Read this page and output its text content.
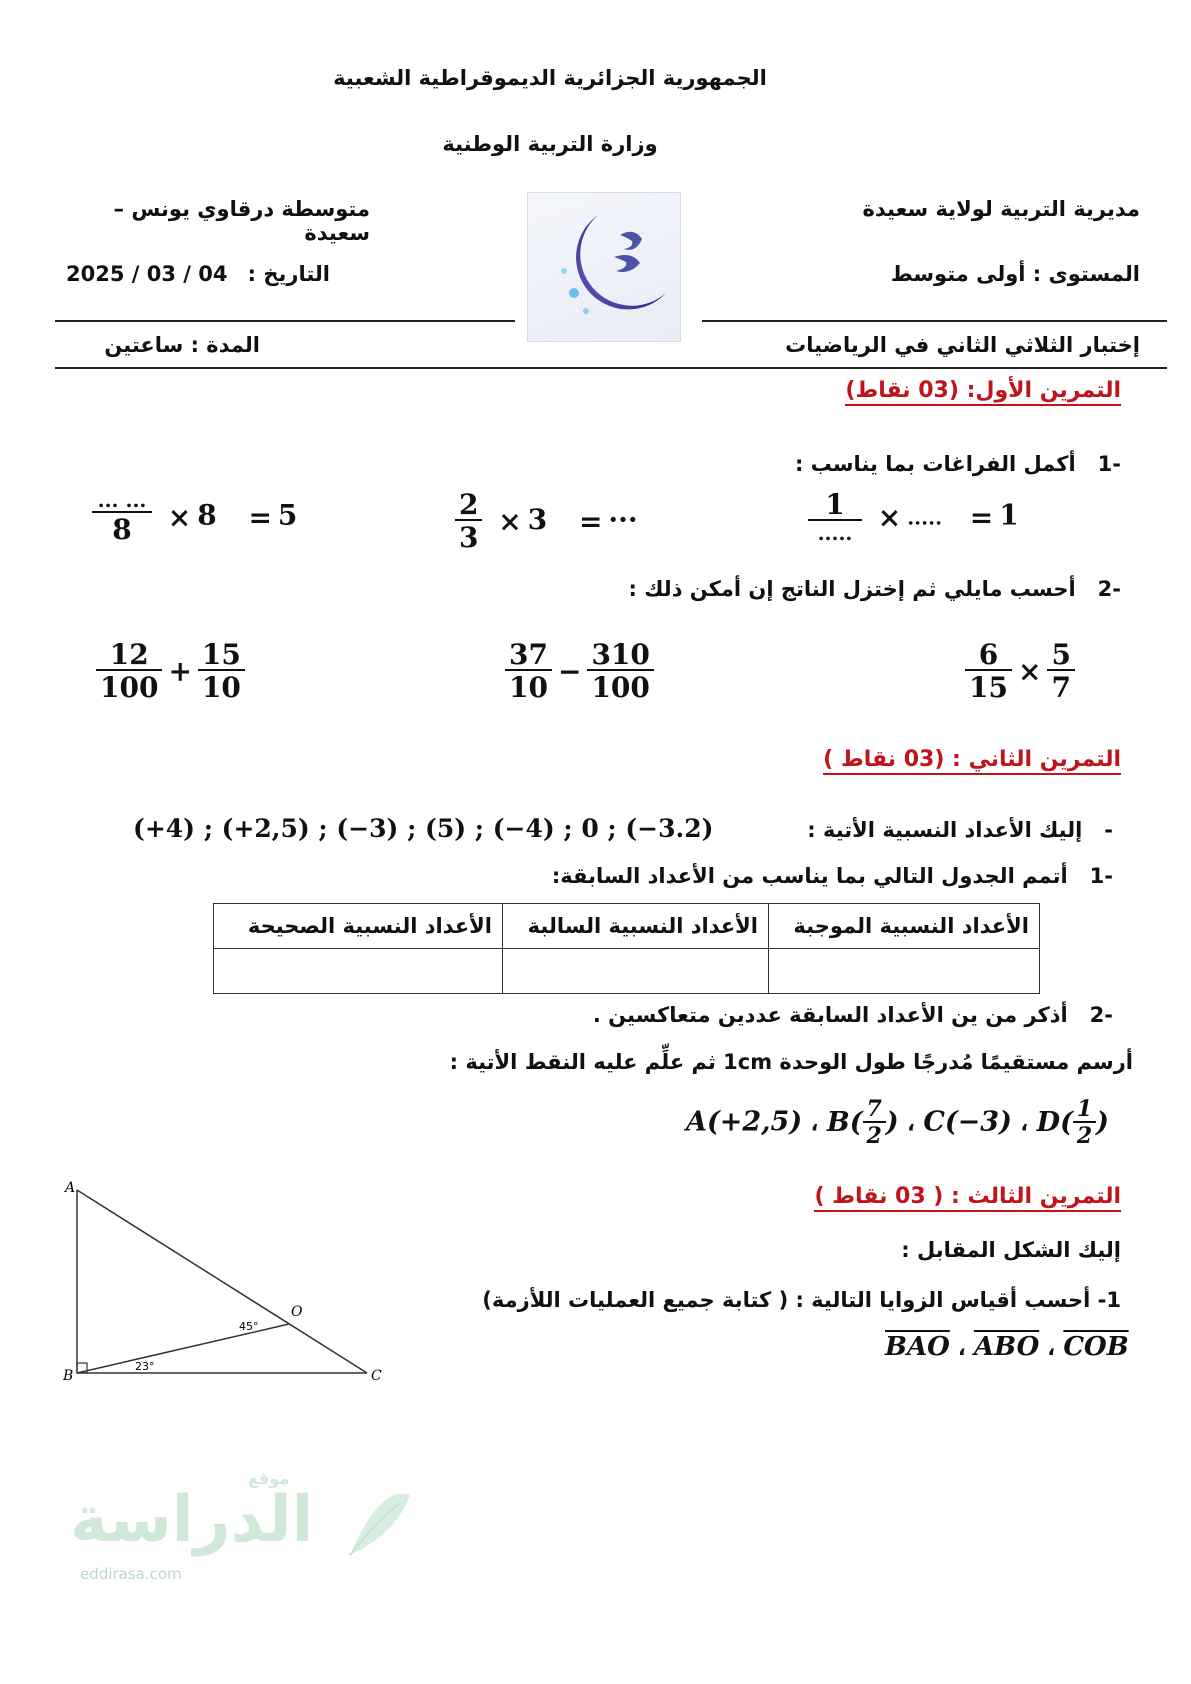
الجمهورية الجزائرية الديموقراطية الشعبية
وزارة التربية الوطنية
مديرية التربية لولاية سعيدة
متوسطة درقاوي يونس – سعيدة
المستوى : أولى متوسط
التاريخ :
2025 / 03 / 04
إختبار الثلاثي الثاني في الرياضيات
المدة : ساعتين
التمرين الأول: (03 نقاط)
-1   أكمل الفراغات بما يناسب :
$\frac{1}{.....}$ × ..... = 1
$\frac{2}{3} \times 3$ = ···
$\frac{... ...}{8} \times 8 = 5$
-2   أحسب مايلي ثم إختزل الناتج إن أمكن ذلك :
$\frac{6}{15} \times \frac{5}{7}$
$\frac{37}{10} - \frac{310}{100}$
$\frac{12}{100} + \frac{15}{10}$
التمرين الثاني : (03 نقاط )
-   إليك الأعداد النسبية الأتية :
(+4) ; (+2,5) ; (−3) ; (5) ; (−4) ; 0 ; (−3.2)
-1   أتمم الجدول التالي بما يناسب من الأعداد السابقة:
الأعداد النسبية الموجبة	الأعداد النسبية السالبة	الأعداد النسبية الصحيحة

-2   أذكر من ين الأعداد السابقة عددين متعاكسين .
أرسم مستقيمًا مُدرجًا طول الوحدة 1cm ثم علِّم عليه النقط الأتية :
A(+2,5) ، $B( \frac{7}{2}$ ) ، C(−3) ، $D( \frac{1}{2}$ )
التمرين الثالث : ( 03 نقاط )
إليك الشكل المقابل :
1- أحسب أقياس الزوايا التالية : ( كتابة جميع العمليات اللأزمة)
$\overline{BAO}$ ، $\overline{ABO}$ ، $\overline{COB}$
A
B	C
O
45°
23°
الدراسة
موقع
eddirasa.com
